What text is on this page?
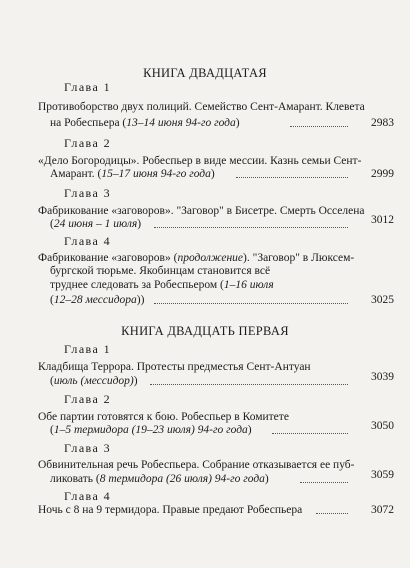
КНИГА ДВАДЦАТАЯ
Глава 1
Противоборство двух полиций. Семейство Сент-Амарант. Клевета
на Робеспьера (13–14 июня 94-го года)	2983
Глава 2
«Дело Богородицы». Робеспьер в виде мессии. Казнь семьи Сент-
Амарант. (15–17 июня 94-го года)	2999
Глава 3
Фабрикование «заговоров». "Заговор" в Бисетре. Смерть Осселена
(24 июня – 1 июля)	3012
Глава 4
Фабрикование «заговоров» (продолжение). "Заговор" в Люксем-
бургской тюрьме. Якобинцам становится всё
труднее следовать за Робеспьером (1–16 июля
(12–28 мессидора))	3025
КНИГА ДВАДЦАТЬ ПЕРВАЯ
Глава 1
Кладбища Террора. Протесты предместья Сент-Антуан
(июль (мессидор))	3039
Глава 2
Обе партии готовятся к бою. Робеспьер в Комитете
(1–5 термидора (19–23 июля) 94-го года)	3050
Глава 3
Обвинительная речь Робеспьера. Собрание отказывается ее пуб-
ликовать (8 термидора (26 июля) 94-го года)	3059
Глава 4
Ночь с 8 на 9 термидора. Правые предают Робеспьера	3072
